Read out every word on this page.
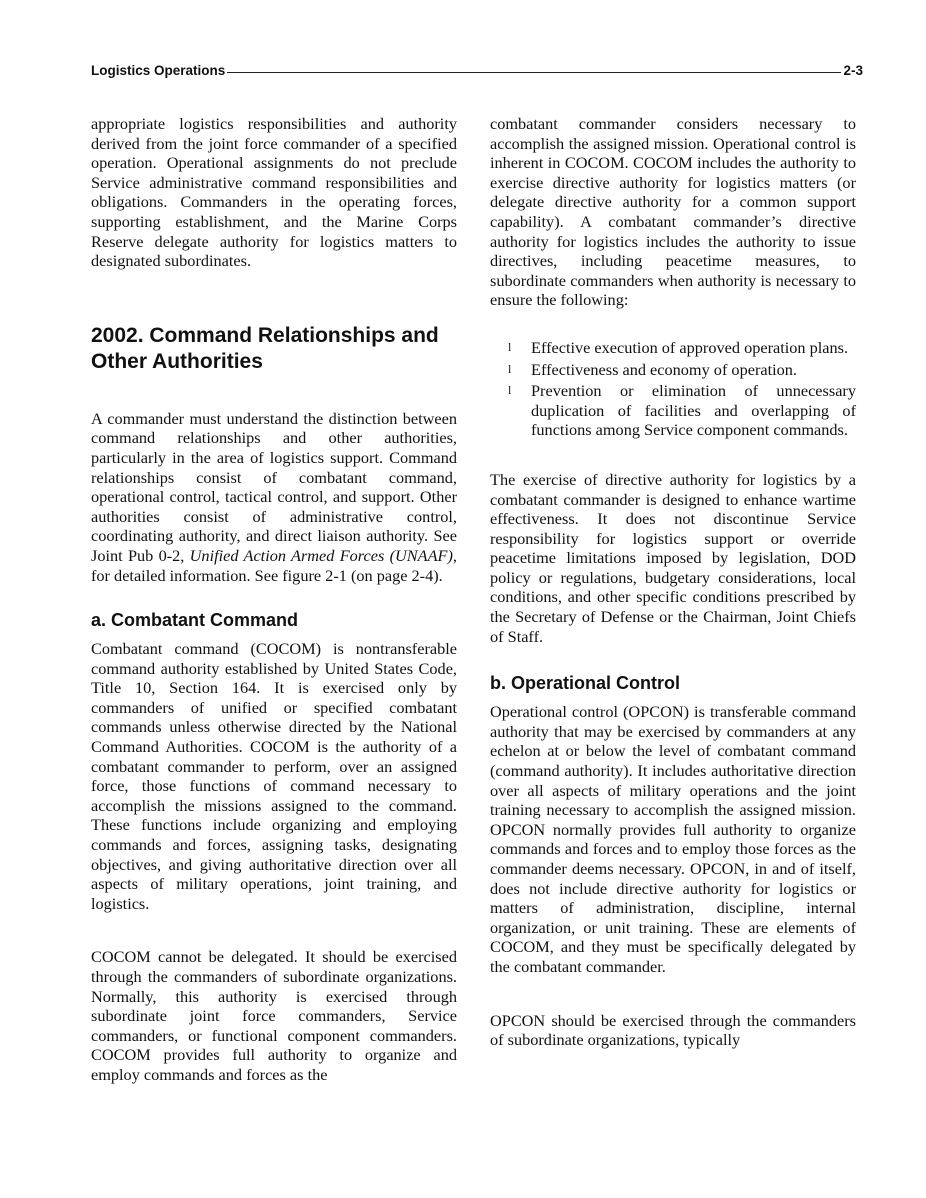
Logistics Operations	2-3

appropriate logistics responsibilities and authority derived from the joint force commander of a specified operation. Operational assignments do not preclude Service administrative command responsibilities and obligations. Commanders in the operating forces, supporting establishment, and the Marine Corps Reserve delegate authority for logistics matters to designated subordinates.

2002. Command Relationships and Other Authorities

A commander must understand the distinction between command relationships and other authorities, particularly in the area of logistics support. Command relationships consist of combatant command, operational control, tactical control, and support. Other authorities consist of administrative control, coordinating authority, and direct liaison authority. See Joint Pub 0-2, Unified Action Armed Forces (UNAAF), for detailed information. See figure 2-1 (on page 2-4).

a. Combatant Command

Combatant command (COCOM) is nontransferable command authority established by United States Code, Title 10, Section 164. It is exercised only by commanders of unified or specified combatant commands unless otherwise directed by the National Command Authorities. COCOM is the authority of a combatant commander to perform, over an assigned force, those functions of command necessary to accomplish the missions assigned to the command. These functions include organizing and employing commands and forces, assigning tasks, designating objectives, and giving authoritative direction over all aspects of military operations, joint training, and logistics.

COCOM cannot be delegated. It should be exercised through the commanders of subordinate organizations. Normally, this authority is exercised through subordinate joint force commanders, Service commanders, or functional component commanders. COCOM provides full authority to organize and employ commands and forces as the

combatant commander considers necessary to accomplish the assigned mission. Operational control is inherent in COCOM. COCOM includes the authority to exercise directive authority for logistics matters (or delegate directive authority for a common support capability). A combatant commander’s directive authority for logistics includes the authority to issue directives, including peacetime measures, to subordinate commanders when authority is necessary to ensure the following:

l Effective execution of approved operation plans.
l Effectiveness and economy of operation.
l Prevention or elimination of unnecessary duplication of facilities and overlapping of functions among Service component commands.

The exercise of directive authority for logistics by a combatant commander is designed to enhance wartime effectiveness. It does not discontinue Service responsibility for logistics support or override peacetime limitations imposed by legislation, DOD policy or regulations, budgetary considerations, local conditions, and other specific conditions prescribed by the Secretary of Defense or the Chairman, Joint Chiefs of Staff.

b. Operational Control

Operational control (OPCON) is transferable command authority that may be exercised by commanders at any echelon at or below the level of combatant command (command authority). It includes authoritative direction over all aspects of military operations and the joint training necessary to accomplish the assigned mission. OPCON normally provides full authority to organize commands and forces and to employ those forces as the commander deems necessary. OPCON, in and of itself, does not include directive authority for logistics or matters of administration, discipline, internal organization, or unit training. These are elements of COCOM, and they must be specifically delegated by the combatant commander.

OPCON should be exercised through the commanders of subordinate organizations, typically
